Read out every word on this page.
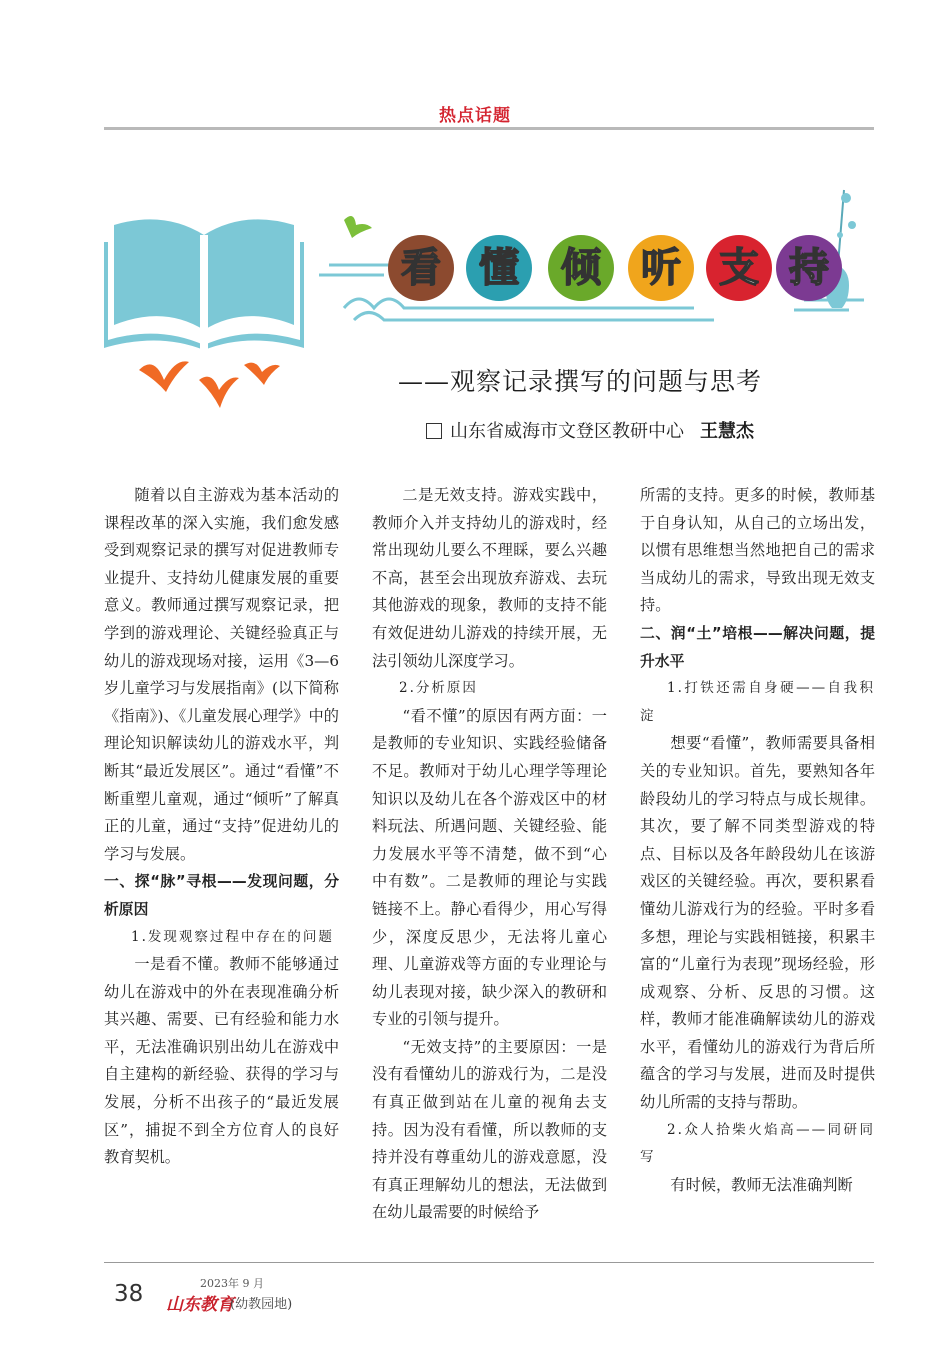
热点话题
看 懂	倾	听 支 持
——观察记录撰写的问题与思考
山东省威海市文登区教研中心 王慧杰

随着以自主游戏为基本活动的课程改革的深入实施，我们愈发感受到观察记录的撰写对促进教师专业提升、支持幼儿健康发展的重要意义。教师通过撰写观察记录，把学到的游戏理论、关键经验真正与幼儿的游戏现场对接，运用《3—6岁儿童学习与发展指南》(以下简称《指南》)、《儿童发展心理学》中的理论知识解读幼儿的游戏水平，判断其“最近发展区”。通过“看懂”不断重塑儿童观，通过“倾听”了解真正的儿童，通过“支持”促进幼儿的学习与发展。

一、探“脉”寻根——发现问题，分析原因

1.发现观察过程中存在的问题

一是看不懂。教师不能够通过幼儿在游戏中的外在表现准确分析其兴趣、需要、已有经验和能力水平，无法准确识别出幼儿在游戏中自主建构的新经验、获得的学习与发展，分析不出孩子的“最近发展区”，捕捉不到全方位育人的良好教育契机。

二是无效支持。游戏实践中，教师介入并支持幼儿的游戏时，经常出现幼儿要么不理睬，要么兴趣不高，甚至会出现放弃游戏、去玩其他游戏的现象，教师的支持不能有效促进幼儿游戏的持续开展，无法引领幼儿深度学习。

2.分析原因

“看不懂”的原因有两方面：一是教师的专业知识、实践经验储备不足。教师对于幼儿心理学等理论知识以及幼儿在各个游戏区中的材料玩法、所遇问题、关键经验、能力发展水平等不清楚，做不到“心中有数”。二是教师的理论与实践链接不上。静心看得少，用心写得少，深度反思少，无法将儿童心理、儿童游戏等方面的专业理论与幼儿表现对接，缺少深入的教研和专业的引领与提升。

“无效支持”的主要原因：一是没有看懂幼儿的游戏行为，二是没有真正做到站在儿童的视角去支持。因为没有看懂，所以教师的支持并没有尊重幼儿的游戏意愿，没有真正理解幼儿的想法，无法做到在幼儿最需要的时候给予

所需的支持。更多的时候，教师基于自身认知，从自己的立场出发，以惯有思维想当然地把自己的需求当成幼儿的需求，导致出现无效支持。

二、润“土”培根——解决问题，提升水平

1.打铁还需自身硬——自我积淀

想要“看懂”，教师需要具备相关的专业知识。首先，要熟知各年龄段幼儿的学习特点与成长规律。其次，要了解不同类型游戏的特点、目标以及各年龄段幼儿在该游戏区的关键经验。再次，要积累看懂幼儿游戏行为的经验。平时多看多想，理论与实践相链接，积累丰富的“儿童行为表现”现场经验，形成观察、分析、反思的习惯。这样，教师才能准确解读幼儿的游戏水平，看懂幼儿的游戏行为背后所蕴含的学习与发展，进而及时提供幼儿所需的支持与帮助。

2.众人拾柴火焰高——同研同写

有时候，教师无法准确判断

38	2023年 9 月
山东教育
(幼教园地)
